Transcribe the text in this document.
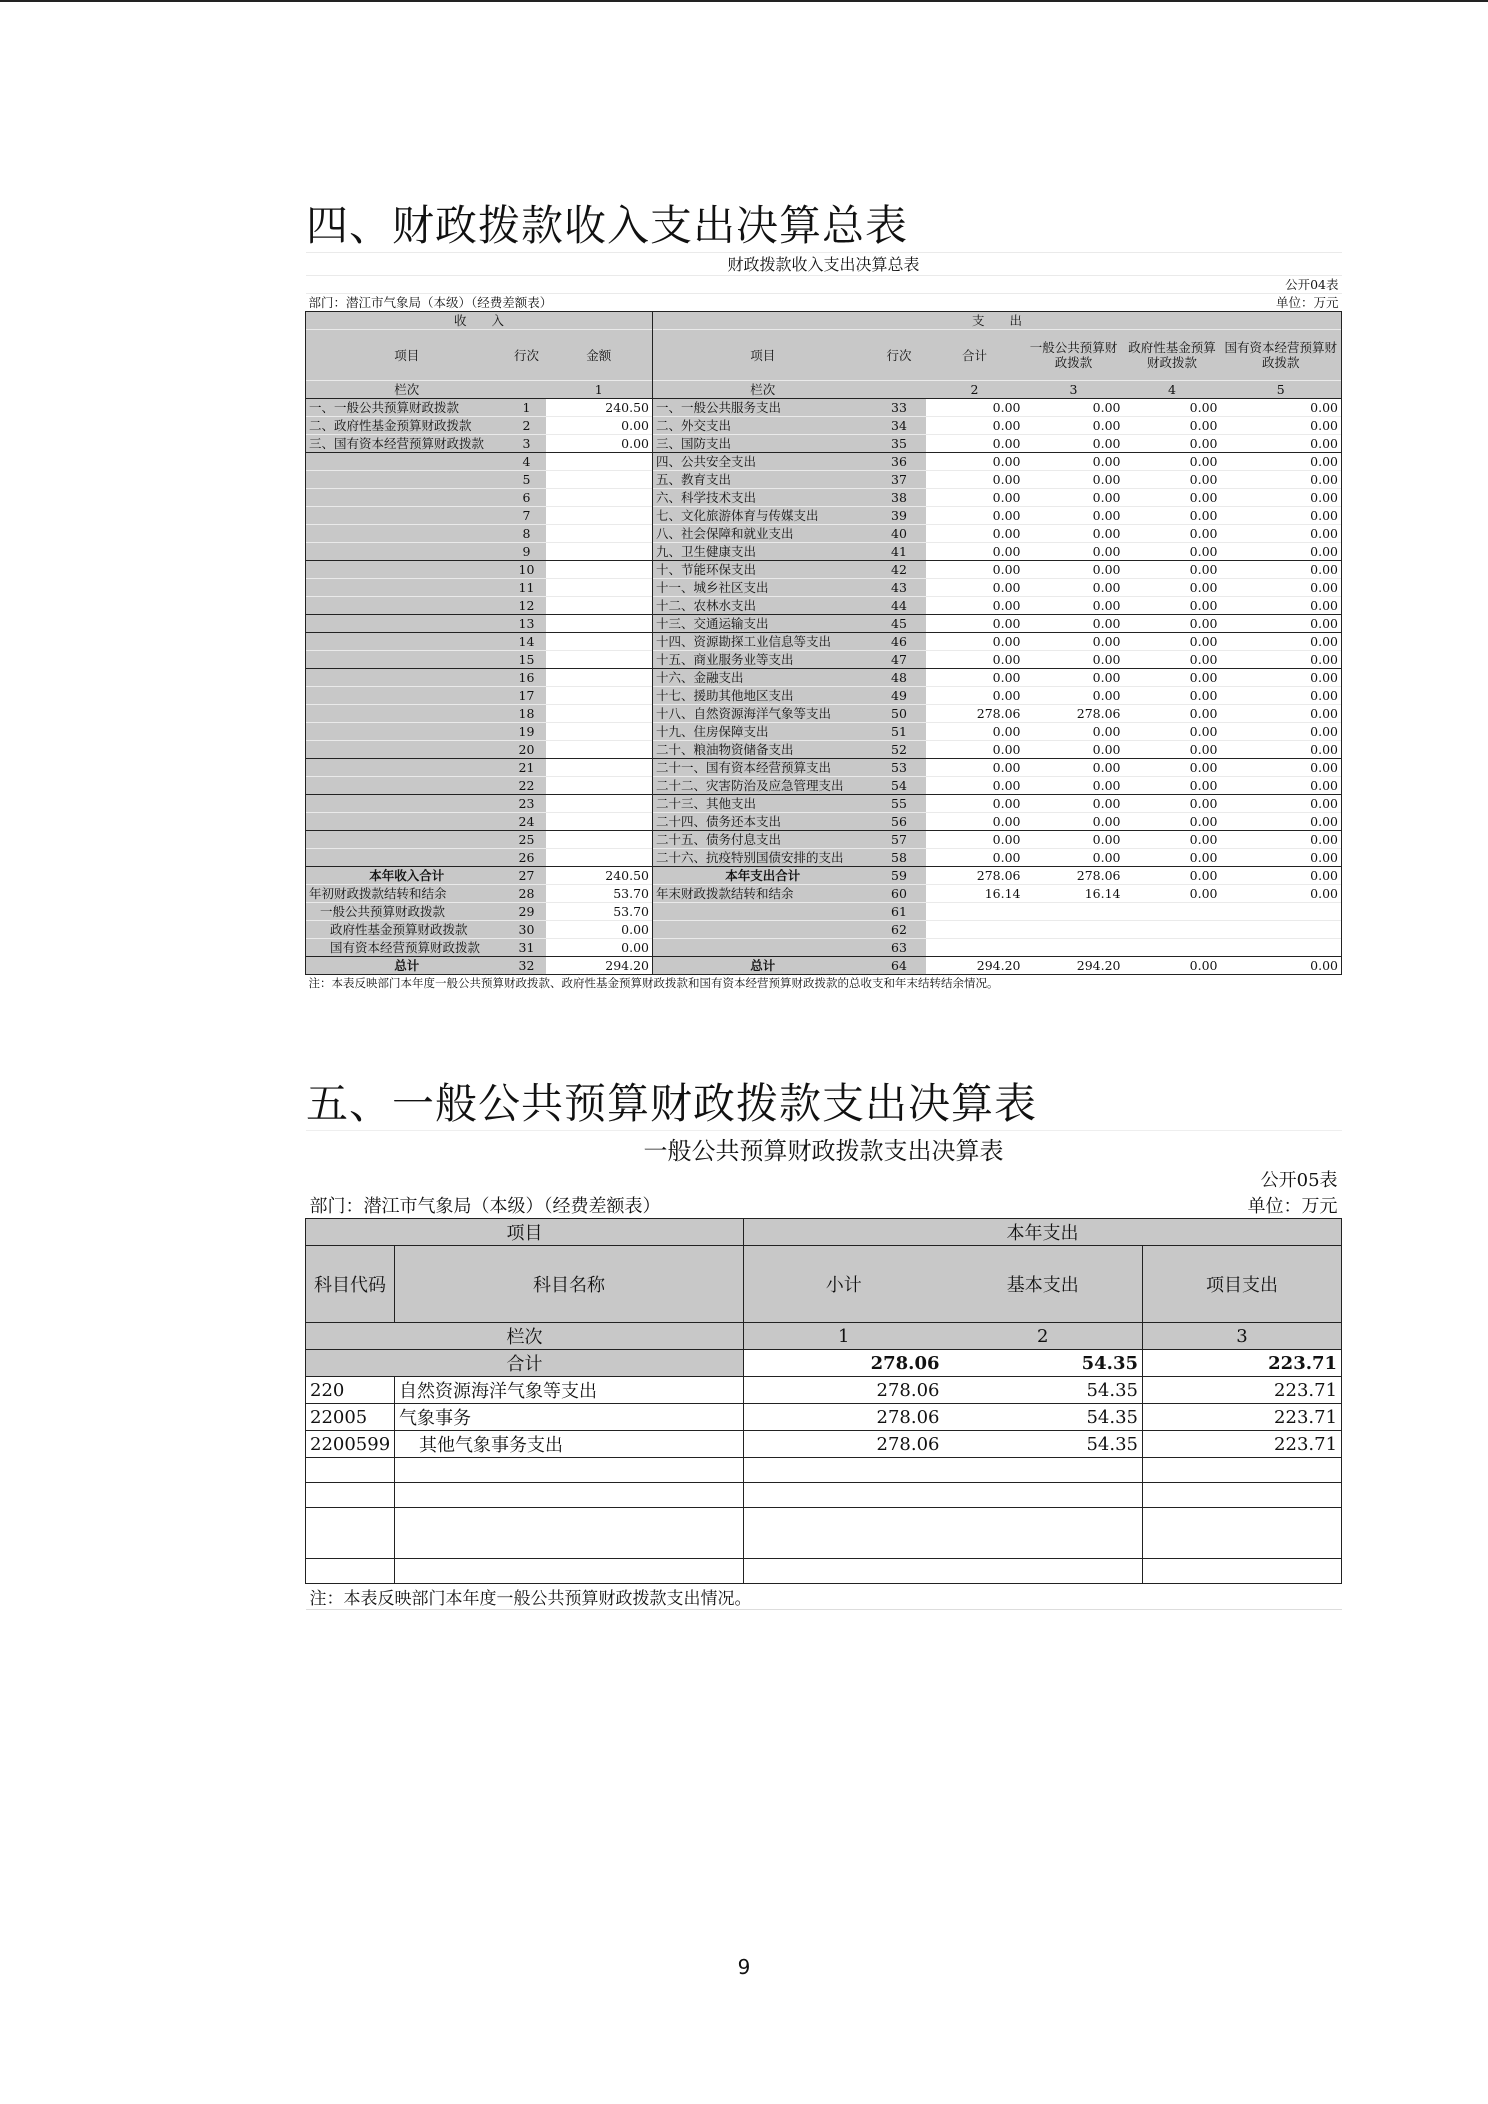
四、财政拨款收入支出决算总表
财政拨款收入支出决算总表								
								公开04表
部门：潜江市气象局（本级）（经费差额表）								单位：万元
收　　入			支　　出					
项目	行次	金额	项目	行次	合计	一般公共预算财政拨款	政府性基金预算财政拨款	国有资本经营预算财政拨款
栏次		1	栏次		2	3	4	5
一、一般公共预算财政拨款	1	240.50	一、一般公共服务支出	33	0.00	0.00	0.00	0.00
二、政府性基金预算财政拨款	2	0.00	二、外交支出	34	0.00	0.00	0.00	0.00
三、国有资本经营预算财政拨款	3	0.00	三、国防支出	35	0.00	0.00	0.00	0.00
	4		四、公共安全支出	36	0.00	0.00	0.00	0.00
	5		五、教育支出	37	0.00	0.00	0.00	0.00
	6		六、科学技术支出	38	0.00	0.00	0.00	0.00
	7		七、文化旅游体育与传媒支出	39	0.00	0.00	0.00	0.00
	8		八、社会保障和就业支出	40	0.00	0.00	0.00	0.00
	9		九、卫生健康支出	41	0.00	0.00	0.00	0.00
	10		十、节能环保支出	42	0.00	0.00	0.00	0.00
	11		十一、城乡社区支出	43	0.00	0.00	0.00	0.00
	12		十二、农林水支出	44	0.00	0.00	0.00	0.00
	13		十三、交通运输支出	45	0.00	0.00	0.00	0.00
	14		十四、资源勘探工业信息等支出	46	0.00	0.00	0.00	0.00
	15		十五、商业服务业等支出	47	0.00	0.00	0.00	0.00
	16		十六、金融支出	48	0.00	0.00	0.00	0.00
	17		十七、援助其他地区支出	49	0.00	0.00	0.00	0.00
	18		十八、自然资源海洋气象等支出	50	278.06	278.06	0.00	0.00
	19		十九、住房保障支出	51	0.00	0.00	0.00	0.00
	20		二十、粮油物资储备支出	52	0.00	0.00	0.00	0.00
	21		二十一、国有资本经营预算支出	53	0.00	0.00	0.00	0.00
	22		二十二、灾害防治及应急管理支出	54	0.00	0.00	0.00	0.00
	23		二十三、其他支出	55	0.00	0.00	0.00	0.00
	24		二十四、债务还本支出	56	0.00	0.00	0.00	0.00
	25		二十五、债务付息支出	57	0.00	0.00	0.00	0.00
	26		二十六、抗疫特别国债安排的支出	58	0.00	0.00	0.00	0.00
本年收入合计	27	240.50	本年支出合计	59	278.06	278.06	0.00	0.00
年初财政拨款结转和结余	28	53.70	年末财政拨款结转和结余	60	16.14	16.14	0.00	0.00
一般公共预算财政拨款	29	53.70		61				
政府性基金预算财政拨款	30	0.00		62				
国有资本经营预算财政拨款	31	0.00		63				
总计	32	294.20	总计	64	294.20	294.20	0.00	0.00
注：本表反映部门本年度一般公共预算财政拨款、政府性基金预算财政拨款和国有资本经营预算财政拨款的总收支和年末结转结余情况。								
五、一般公共预算财政拨款支出决算表
一般公共预算财政拨款支出决算表				
				公开05表
部门：潜江市气象局（本级）（经费差额表）				单位：万元
项目		本年支出		
科目代码	科目名称	小计	基本支出	项目支出
栏次		1	2	3
合计		278.06	54.35	223.71
220	自然资源海洋气象等支出	278.06	54.35	223.71
22005	气象事务	278.06	54.35	223.71
2200599	其他气象事务支出	278.06	54.35	223.71

注：本表反映部门本年度一般公共预算财政拨款支出情况。				
9
